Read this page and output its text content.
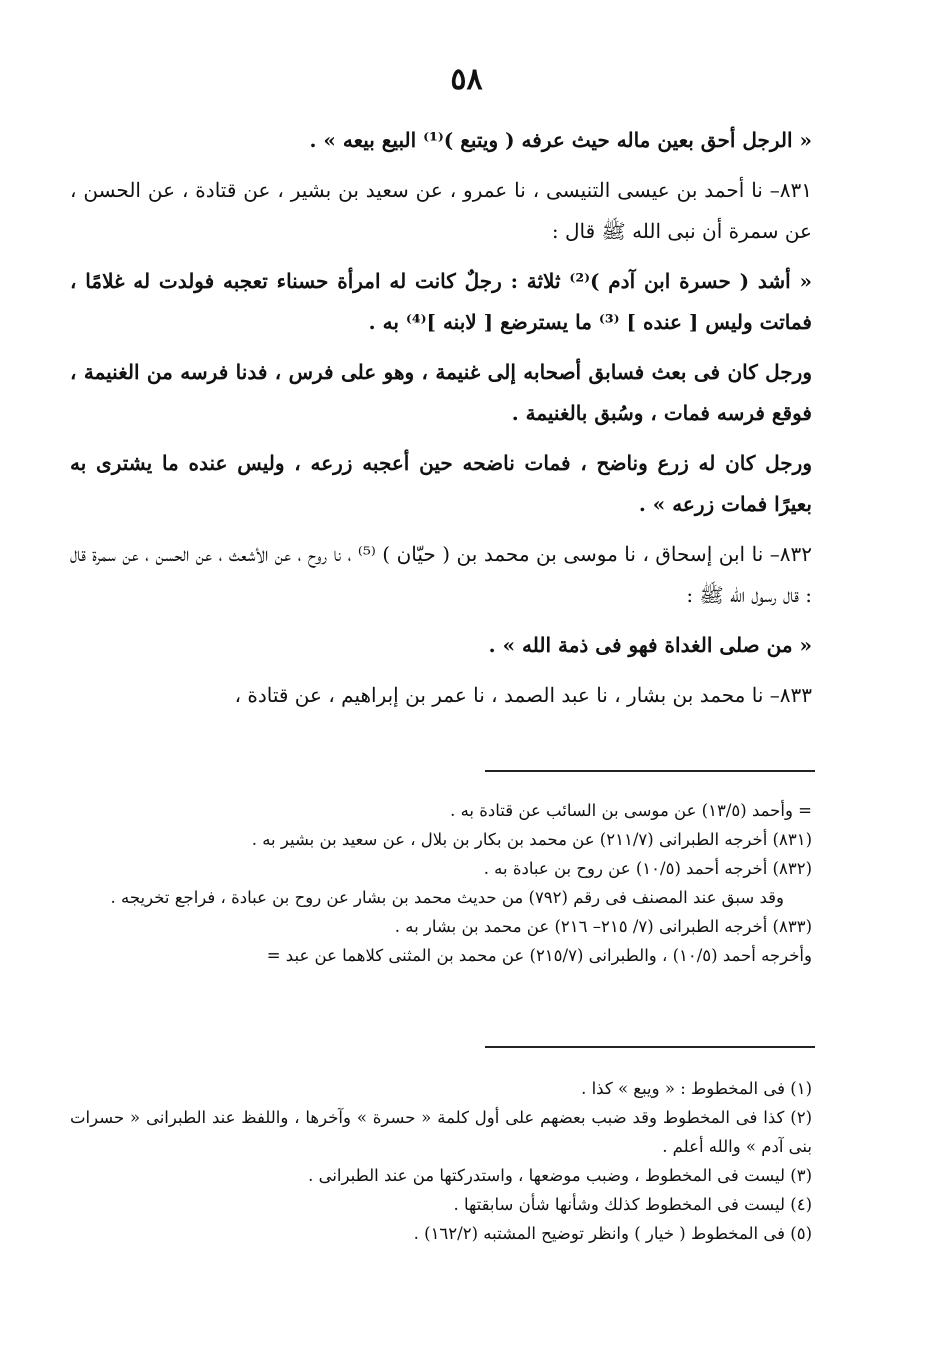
٥٨

« الرجل أحق بعين ماله حيث عرفه ( ويتبع )⁽¹⁾ البيع بيعه » .

٨٣١– نا أحمد بن عيسى التنيسى ، نا عمرو ، عن سعيد بن بشير ، عن قتادة ، عن الحسن ، عن سمرة أن نبى الله ﷺ قال :

« أشد ( حسرة ابن آدم )⁽²⁾ ثلاثة : رجلٌ كانت له امرأة حسناء تعجبه فولدت له غلامًا ، فماتت وليس [ عنده ] ⁽³⁾ ما يسترضع [ لابنه ]⁽⁴⁾ به .

ورجل كان فى بعث فسابق أصحابه إلى غنيمة ، وهو على فرس ، فدنا فرسه من الغنيمة ، فوقع فرسه فمات ، وسُبق بالغنيمة .

ورجل كان له زرع وناضح ، فمات ناضحه حين أعجبه زرعه ، وليس عنده ما يشترى به بعيرًا فمات زرعه » .

٨٣٢– نا ابن إسحاق ، نا موسى بن محمد بن ( حيّان ) ⁽⁵⁾ ، نا روح ، عن الأشعث ، عن الحسن ، عن سمرة قال : قال رسول الله ﷺ :

« من صلى الغداة فهو فى ذمة الله » .

٨٣٣– نا محمد بن بشار ، نا عبد الصمد ، نا عمر بن إبراهيم ، عن قتادة ،

= وأحمد (١٣/٥) عن موسى بن السائب عن قتادة به .

(٨٣١) أخرجه الطبرانى (٢١١/٧) عن محمد بن بكار بن بلال ، عن سعيد بن بشير به .

(٨٣٢) أخرجه أحمد (١٠/٥) عن روح بن عبادة به .

وقد سبق عند المصنف فى رقم (٧٩٢) من حديث محمد بن بشار عن روح بن عبادة ، فراجع تخريجه .

(٨٣٣) أخرجه الطبرانى (٧/ ٢١٥– ٢١٦) عن محمد بن بشار به .

وأخرجه أحمد (١٠/٥) ، والطبرانى (٢١٥/٧) عن محمد بن المثنى كلاهما عن عبد =

(١) فى المخطوط : « ويبع » كذا .

(٢) كذا فى المخطوط وقد ضبب بعضهم على أول كلمة « حسرة » وآخرها ، واللفظ عند الطبرانى « حسرات بنى آدم » والله أعلم .

(٣) ليست فى المخطوط ، وضبب موضعها ، واستدركتها من عند الطبرانى .

(٤) ليست فى المخطوط كذلك وشأنها شأن سابقتها .

(٥) فى المخطوط ( خيار ) وانظر توضيح المشتبه (١٦٢/٢) .
